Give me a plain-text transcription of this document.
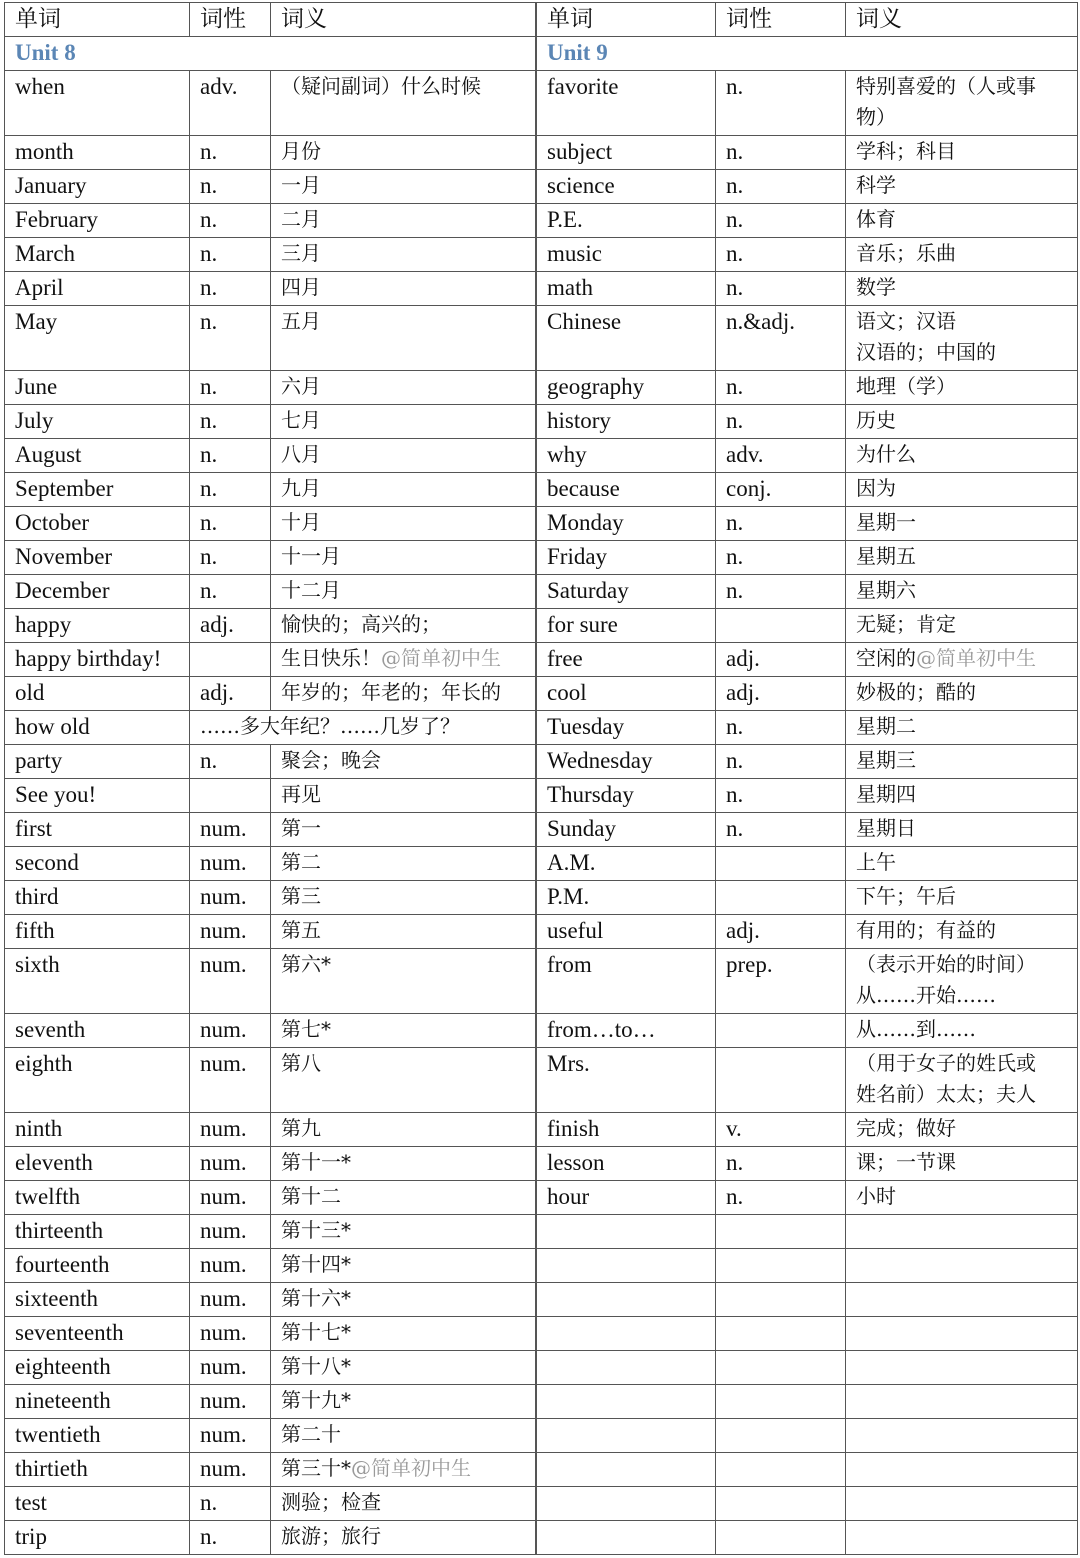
单词	词性	词义
Unit 8		
when	adv.	（疑问副词）什么时候
month	n.	月份
January	n.	一月
February	n.	二月
March	n.	三月
April	n.	四月
May	n.	五月
June	n.	六月
July	n.	七月
August	n.	八月
September	n.	九月
October	n.	十月
November	n.	十一月
December	n.	十二月
happy	adj.	愉快的；高兴的；
happy birthday!		生日快乐！@简单初中生
old	adj.	年岁的；年老的；年长的
how old	……多大年纪？……几岁了？	
party	n.	聚会；晚会
See you!		再见
first	num.	第一
second	num.	第二
third	num.	第三
fifth	num.	第五
sixth	num.	第六*
seventh	num.	第七*
eighth	num.	第八
ninth	num.	第九
eleventh	num.	第十一*
twelfth	num.	第十二
thirteenth	num.	第十三*
fourteenth	num.	第十四*
sixteenth	num.	第十六*
seventeenth	num.	第十七*
eighteenth	num.	第十八*
nineteenth	num.	第十九*
twentieth	num.	第二十
thirtieth	num.	第三十*@简单初中生
test	n.	测验；检查
trip	n.	旅游；旅行
单词	词性	词义
Unit 9		
favorite	n.	特别喜爱的（人或事
物）
subject	n.	学科；科目
science	n.	科学
P.E.	n.	体育
music	n.	音乐；乐曲
math	n.	数学
Chinese	n.&adj.	语文；汉语
汉语的；中国的
geography	n.	地理（学）
history	n.	历史
why	adv.	为什么
because	conj.	因为
Monday	n.	星期一
Friday	n.	星期五
Saturday	n.	星期六
for sure		无疑；肯定
free	adj.	空闲的@简单初中生
cool	adj.	妙极的；酷的
Tuesday	n.	星期二
Wednesday	n.	星期三
Thursday	n.	星期四
Sunday	n.	星期日
A.M.		上午
P.M.		下午；午后
useful	adj.	有用的；有益的
from	prep.	（表示开始的时间）
从……开始……
from…to…		从……到……
Mrs.		（用于女子的姓氏或
姓名前）太太；夫人
finish	v.	完成；做好
lesson	n.	课；一节课
hour	n.	小时
